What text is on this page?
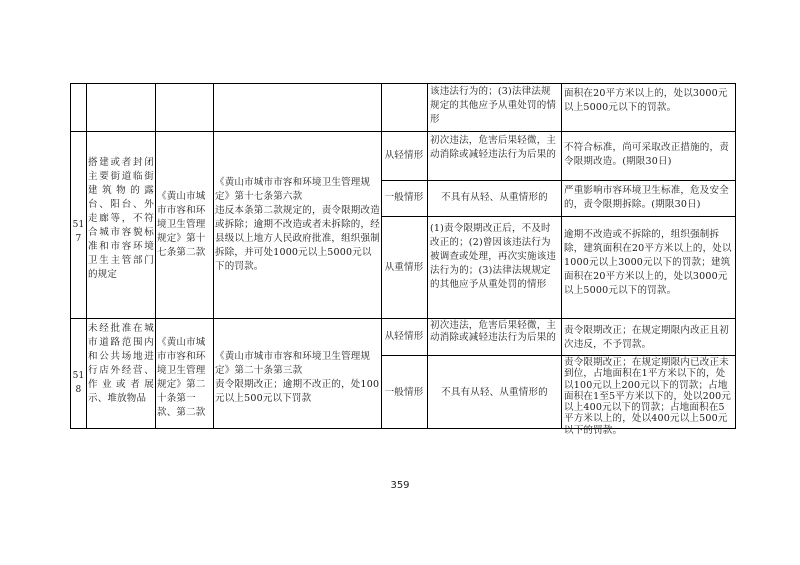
该违法行为的；(3)法律法规规定的其他应予从重处罚的情形
面积在20平方米以上的，处以3000元以上5000元以下的罚款。
517
搭建或者封闭主要街道临街建筑物的露台、阳台、外走廊等，不符合城市容貌标准和市容环境卫生主管部门的规定
《黄山市城市市容和环境卫生管理规定》第十七条第二款
《黄山市城市市容和环境卫生管理规定》第十七条第六款
违反本条第二款规定的，责令限期改造或拆除；逾期不改造或者未拆除的，经县级以上地方人民政府批准，组织强制拆除，并可处1000元以上5000元以下的罚款。
从轻情形
初次违法，危害后果轻微，主动消除或减轻违法行为后果的
不符合标准，尚可采取改正措施的，责令限期改造。(期限30日)
一般情形	不具有从轻、从重情形的
严重影响市容环境卫生标准，危及安全的，责令限期拆除。(期限30日)
从重情形
(1)责令限期改正后，不及时改正的；(2)曾因该违法行为被调查或处理，再次实施该违法行为的；(3)法律法规规定的其他应予从重处罚的情形
逾期不改造或不拆除的，组织强制拆除，建筑面积在20平方米以上的，处以1000元以上3000元以下的罚款；建筑面积在20平方米以上的，处以3000元以上5000元以下的罚款。
518
未经批准在城市道路范围内和公共场地进行店外经营、作业或者展示、堆放物品
《黄山市城市市容和环境卫生管理规定》第二十条第一款、第二款
《黄山市城市市容和环境卫生管理规定》第二十条第三款
责令限期改正；逾期不改正的，处100元以上500元以下罚款
从轻情形
初次违法，危害后果轻微，主动消除或减轻违法行为后果的
责令限期改正；在规定期限内改正且初次违反，不予罚款。
一般情形	不具有从轻、从重情形的
责令限期改正；在规定期限内已改正未到位，占地面积在1平方米以下的，处以100元以上200元以下的罚款；占地面积在1至5平方米以下的，处以200元以上400元以下的罚款；占地面积在5平方米以上的，处以400元以上500元以下的罚款。
359
